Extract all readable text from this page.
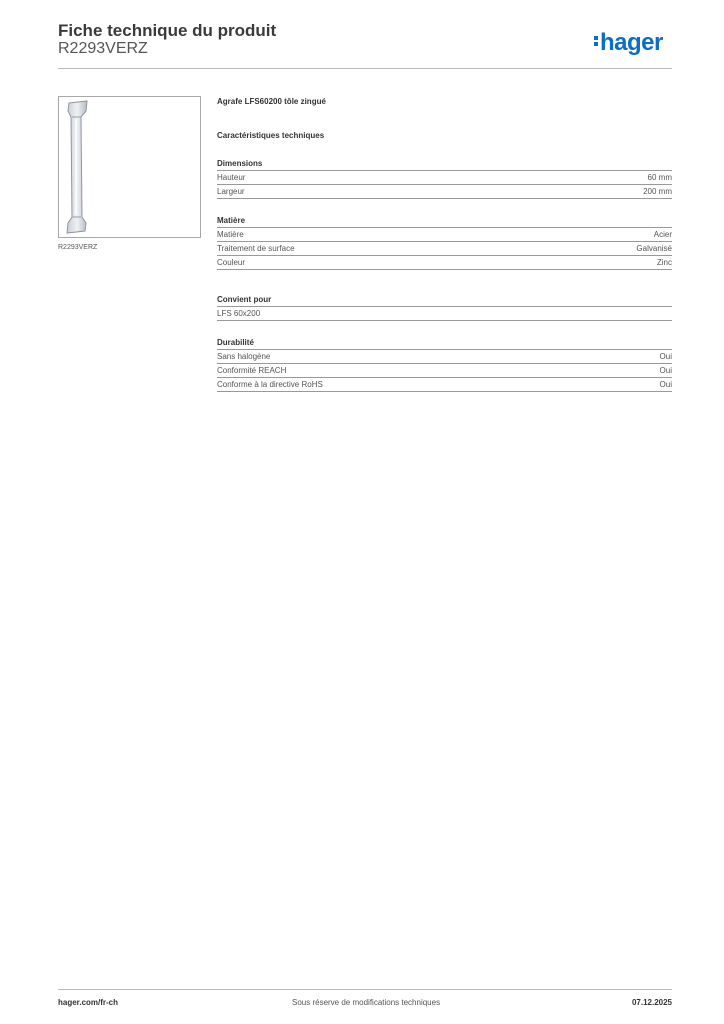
Fiche technique du produit
R2293VERZ	hager
R2293VERZ
Agrafe LFS60200 tôle zingué
Caractéristiques techniques
Dimensions
Hauteur	60 mm
Largeur	200 mm
Matière
Matière	Acier
Traitement de surface	Galvanisé
Couleur	Zinc
Convient pour
LFS 60x200
Durabilité
Sans halogène	Oui
Conformité REACH	Oui
Conforme à la directive RoHS	Oui
hager.com/fr-ch	Sous réserve de modifications techniques	07.12.2025
